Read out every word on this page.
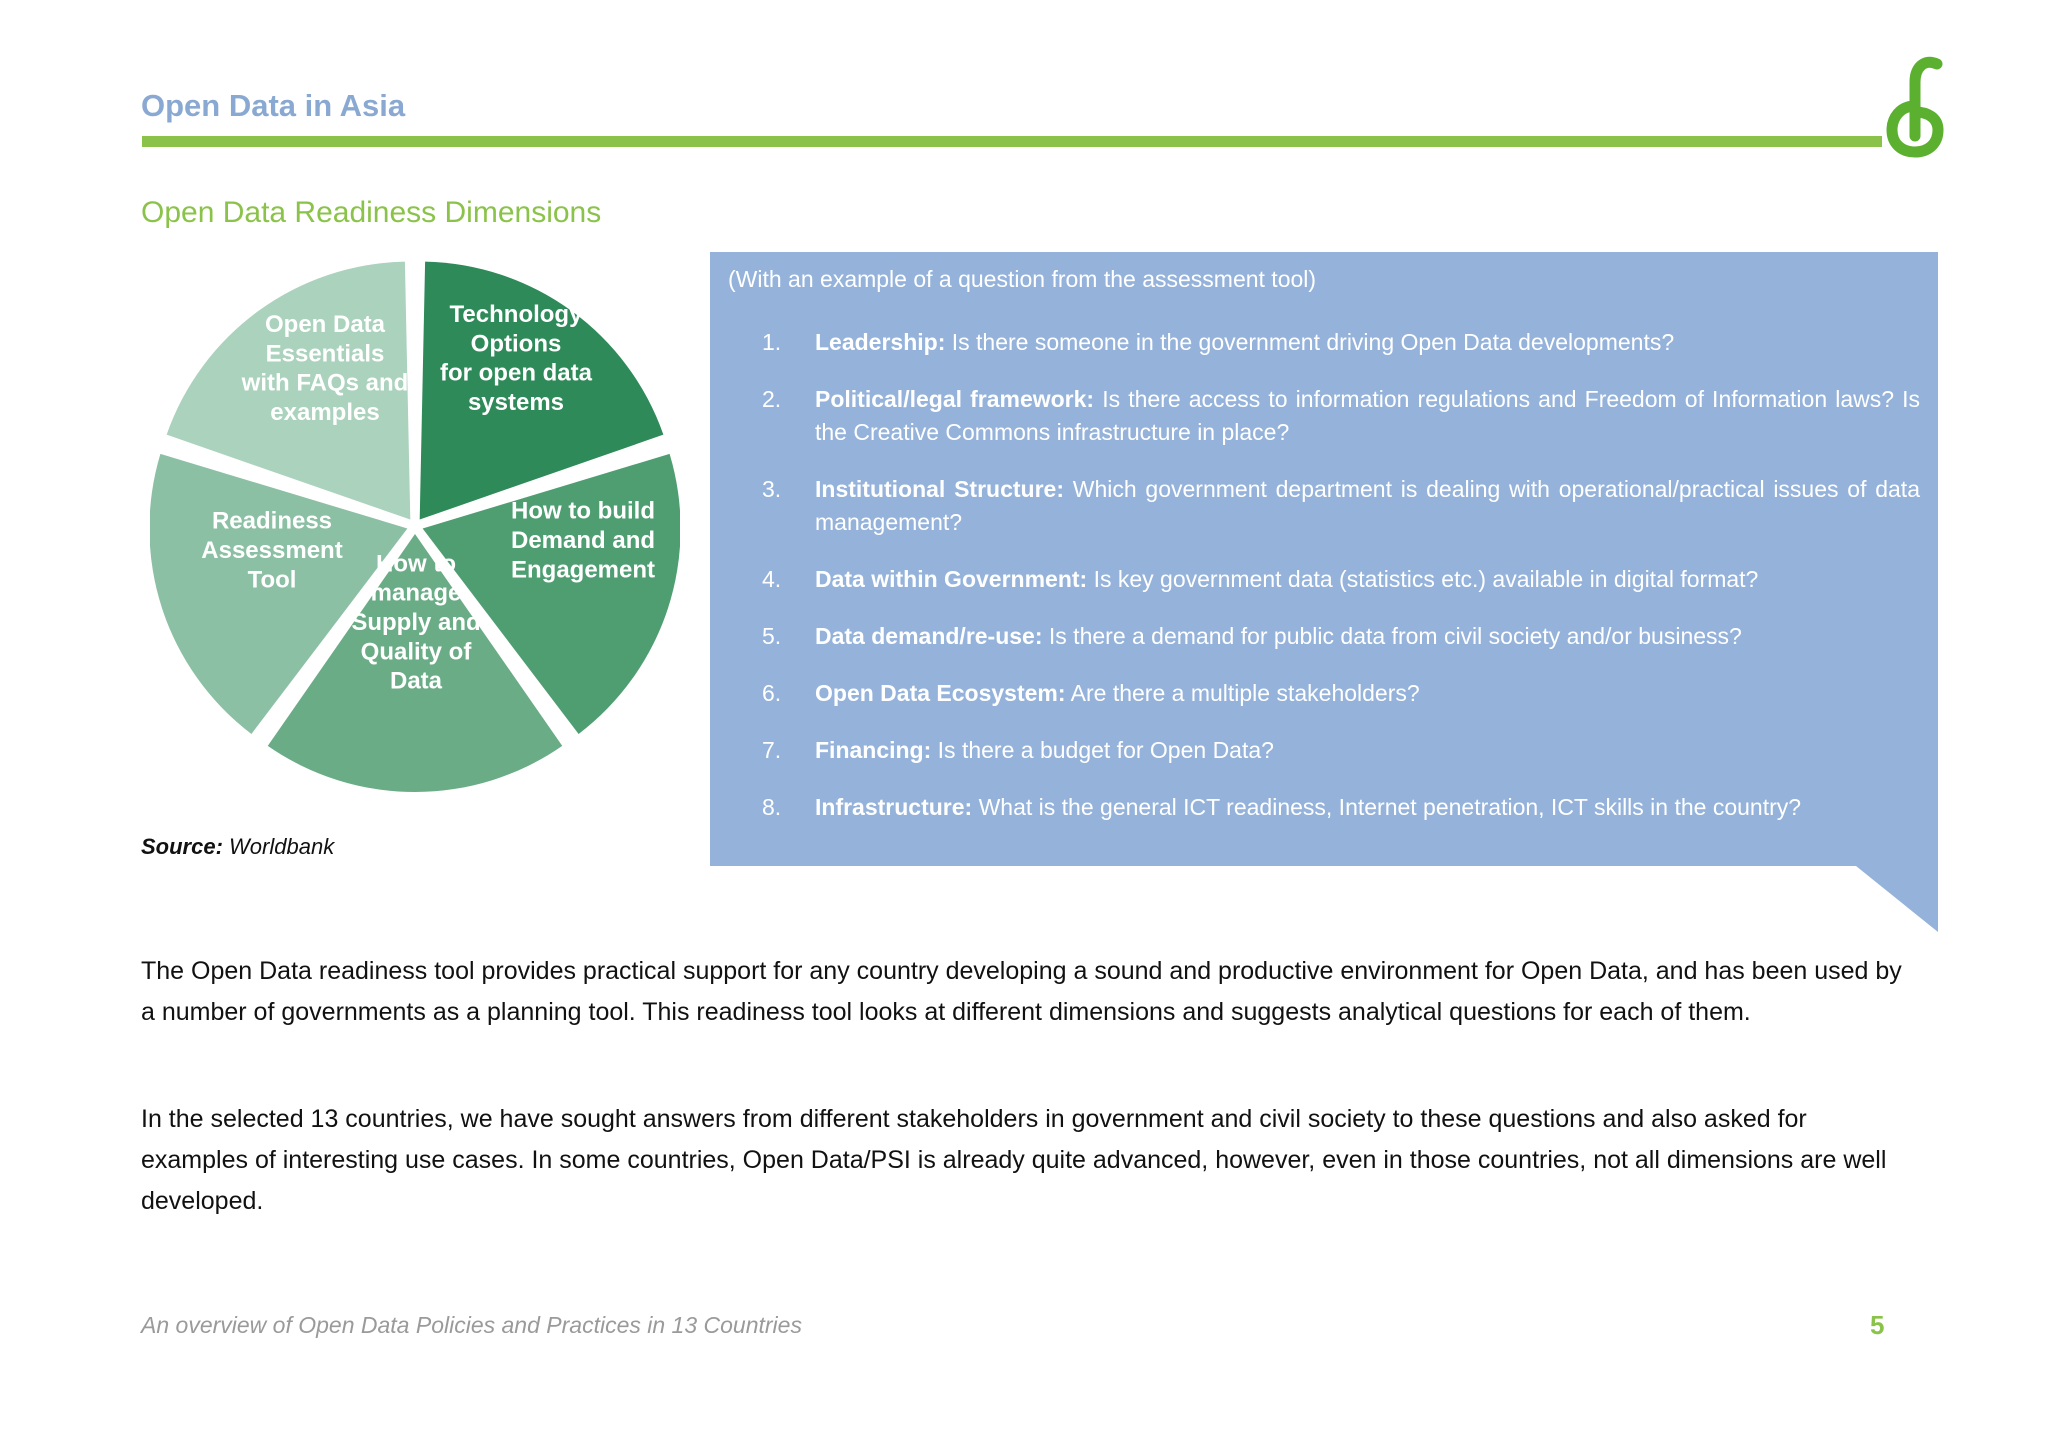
Open Data in Asia
Open Data Readiness Dimensions
Open Data
Essentials
with FAQs and
examples
Technology
Options
for open data
systems
How to build
Demand and
Engagement
How to
manage
Supply and
Quality of
Data
Readiness
Assessment
Tool
Source: Worldbank
(With an example of a question from the assessment tool)
1. Leadership: Is there someone in the government driving Open Data developments?
2. Political/legal framework: Is there access to information regulations and Freedom of Information laws? Is the Creative Commons infrastructure in place?
3. Institutional Structure: Which government department is dealing with operational/practical issues of data management?
4. Data within Government: Is key government data (statistics etc.) available in digital format?
5. Data demand/re-use: Is there a demand for public data from civil society and/or business?
6. Open Data Ecosystem: Are there a multiple stakeholders?
7. Financing: Is there a budget for Open Data?
8. Infrastructure: What is the general ICT readiness, Internet penetration, ICT skills in the country?
The Open Data readiness tool provides practical support for any country developing a sound and productive environment for Open Data, and has been used by a number of governments as a planning tool. This readiness tool looks at different dimensions and suggests analytical questions for each of them.
In the selected 13 countries, we have sought answers from different stakeholders in government and civil society to these questions and also asked for examples of interesting use cases. In some countries, Open Data/PSI is already quite advanced, however, even in those countries, not all dimensions are well developed.
An overview of Open Data Policies and Practices in 13 Countries	5
